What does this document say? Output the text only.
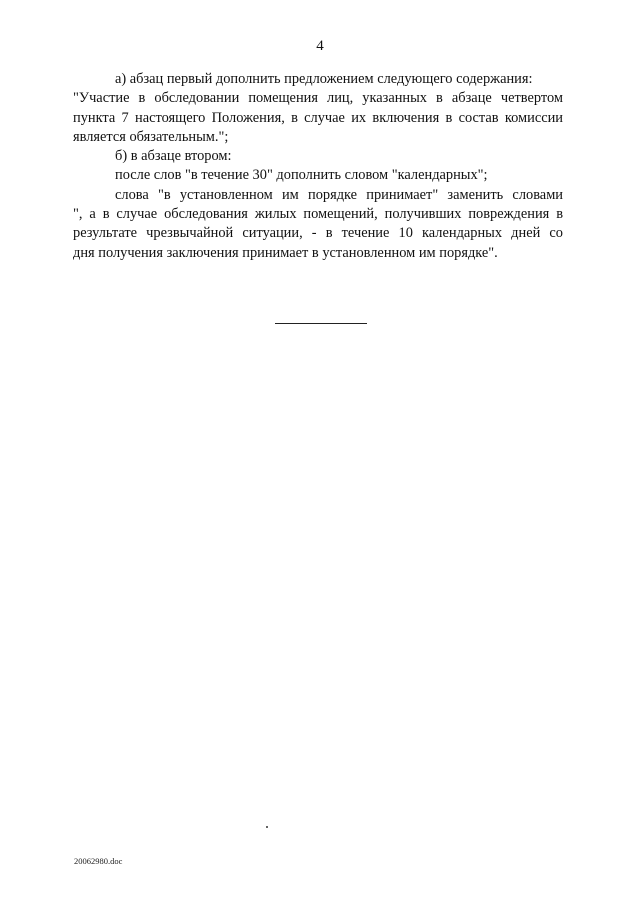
4
а) абзац первый дополнить предложением следующего содержания:
"Участие в обследовании помещения лиц, указанных в абзаце четвертом
пункта 7 настоящего Положения, в случае их включения в состав комиссии
является обязательным.";
б) в абзаце втором:
после слов "в течение 30" дополнить словом "календарных";
слова "в установленном им порядке принимает" заменить словами
", а в случае обследования жилых помещений, получивших повреждения в
результате чрезвычайной ситуации, - в течение 10 календарных дней со
дня получения заключения принимает в установленном им порядке".
20062980.doc
